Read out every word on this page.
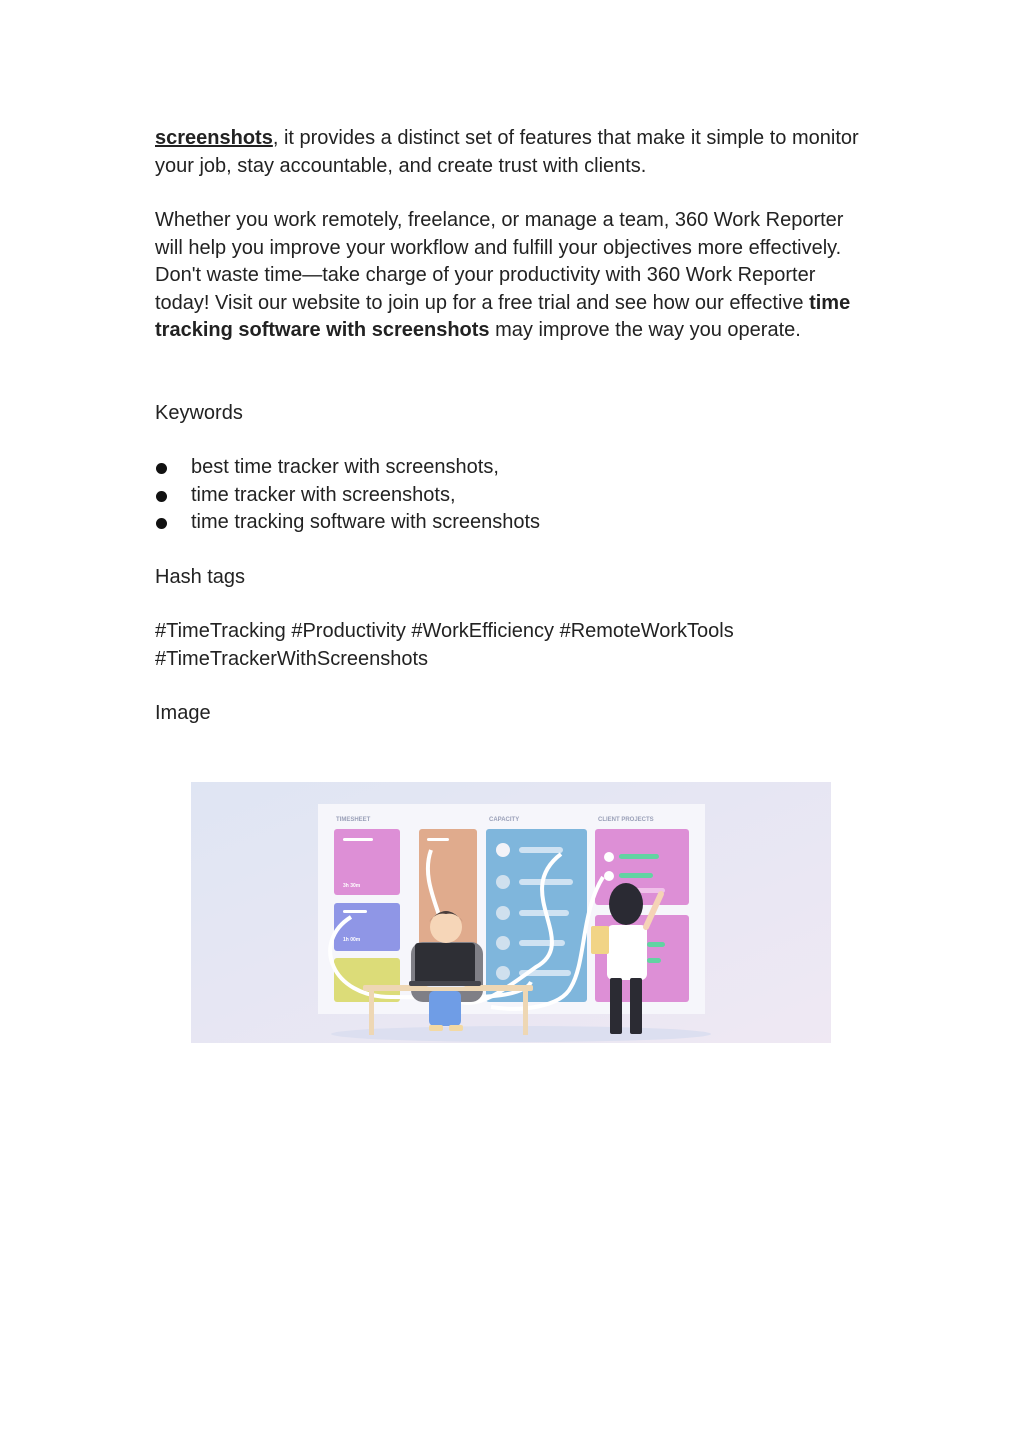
screenshots, it provides a distinct set of features that make it simple to monitor your job, stay accountable, and create trust with clients.

Whether you work remotely, freelance, or manage a team, 360 Work Reporter will help you improve your workflow and fulfill your objectives more effectively. Don't waste time—take charge of your productivity with 360 Work Reporter today! Visit our website to join up for a free trial and see how our effective time tracking software with screenshots may improve the way you operate.

Keywords

best time tracker with screenshots,
time tracker with screenshots,
time tracking software with screenshots

Hash tags

#TimeTracking #Productivity #WorkEfficiency #RemoteWorkTools
#TimeTrackerWithScreenshots

Image

TIMESHEET	CAPACITY	CLIENT PROJECTS
3h 30m
1h 00m
